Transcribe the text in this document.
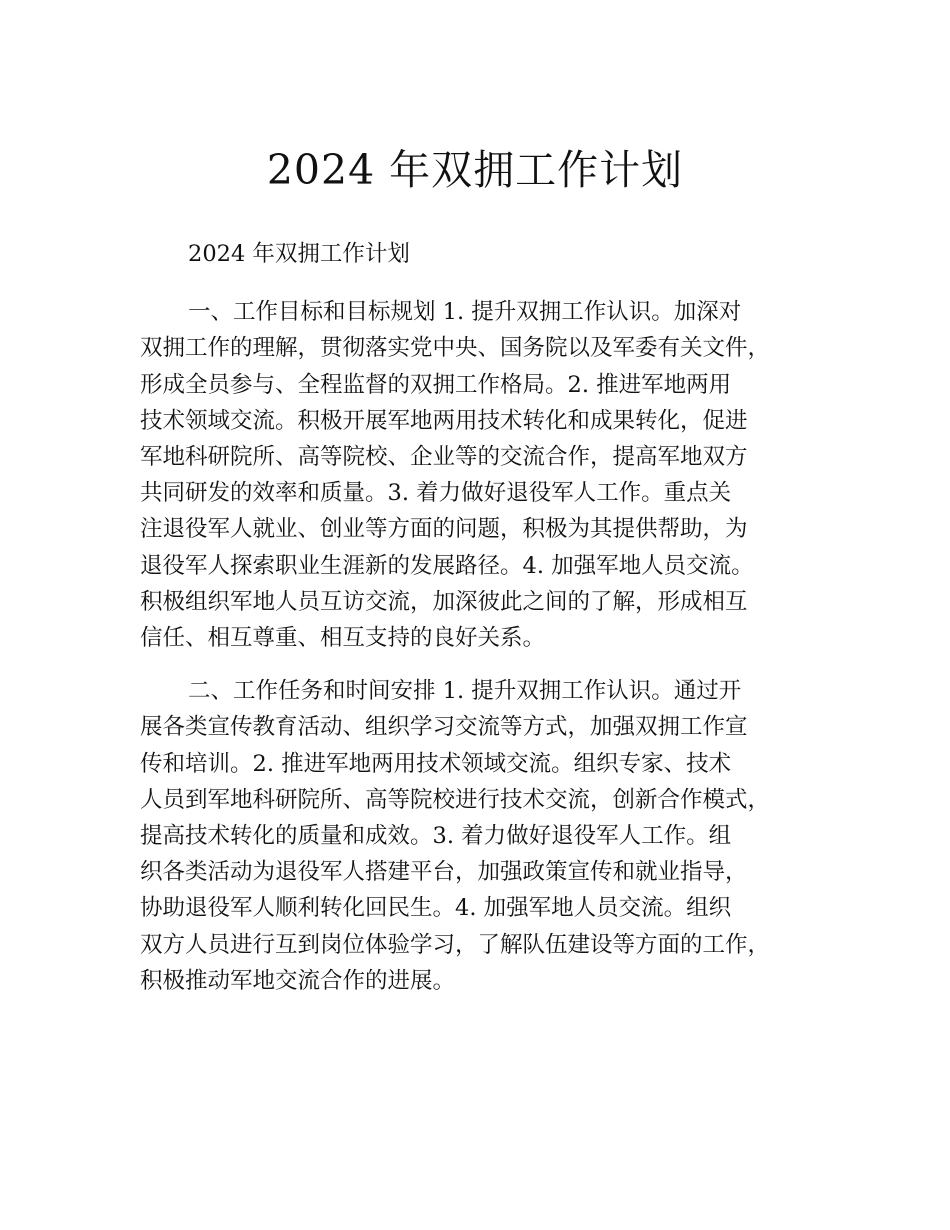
2024 年双拥工作计划

2024 年双拥工作计划

一、工作目标和目标规划 1. 提升双拥工作认识。加深对
双拥工作的理解，贯彻落实党中央、国务院以及军委有关文件，
形成全员参与、全程监督的双拥工作格局。2. 推进军地两用
技术领域交流。积极开展军地两用技术转化和成果转化，促进
军地科研院所、高等院校、企业等的交流合作，提高军地双方
共同研发的效率和质量。3. 着力做好退役军人工作。重点关
注退役军人就业、创业等方面的问题，积极为其提供帮助，为
退役军人探索职业生涯新的发展路径。4. 加强军地人员交流。
积极组织军地人员互访交流，加深彼此之间的了解，形成相互
信任、相互尊重、相互支持的良好关系。
二、工作任务和时间安排 1. 提升双拥工作认识。通过开
展各类宣传教育活动、组织学习交流等方式，加强双拥工作宣
传和培训。2. 推进军地两用技术领域交流。组织专家、技术
人员到军地科研院所、高等院校进行技术交流，创新合作模式，
提高技术转化的质量和成效。3. 着力做好退役军人工作。组
织各类活动为退役军人搭建平台，加强政策宣传和就业指导，
协助退役军人顺利转化回民生。4. 加强军地人员交流。组织
双方人员进行互到岗位体验学习，了解队伍建设等方面的工作，
积极推动军地交流合作的进展。
